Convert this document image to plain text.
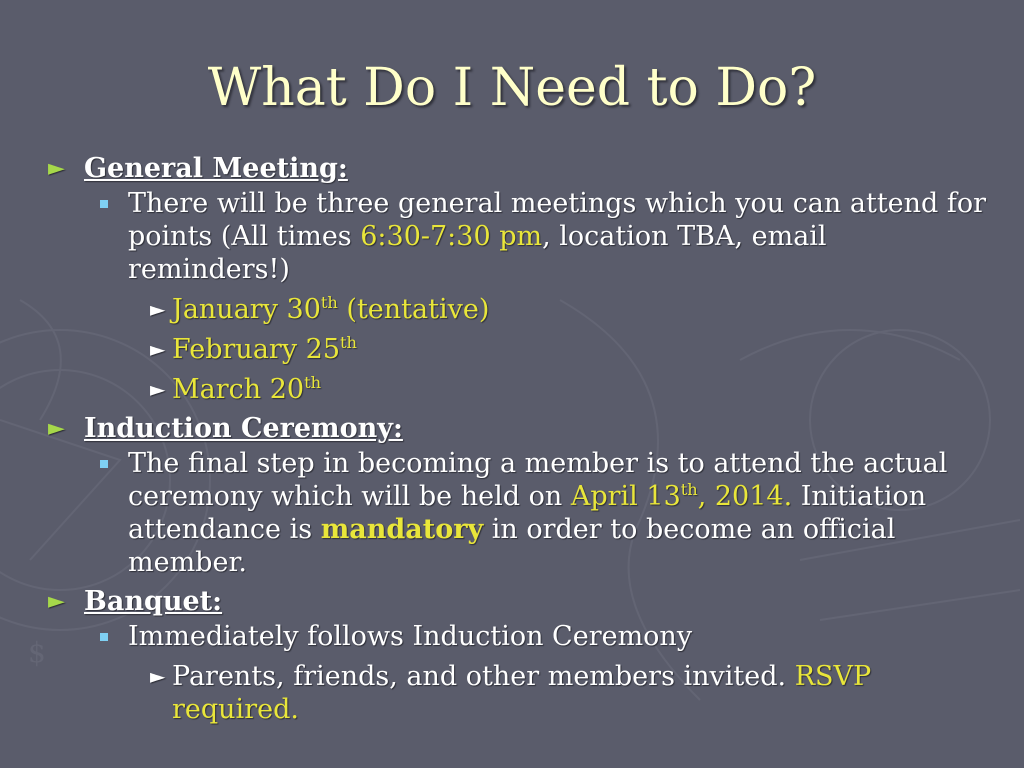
$
What Do I Need to Do?
► General Meeting:
There will be three general meetings which you can attend for points (All times 6:30-7:30 pm, location TBA, email reminders!)
► January 30th (tentative)
► February 25th
► March 20th
► Induction Ceremony:
The final step in becoming a member is to attend the actual ceremony which will be held on April 13th, 2014. Initiation attendance is mandatory in order to become an official member.
► Banquet:
Immediately follows Induction Ceremony
► Parents, friends, and other members invited. RSVP required.
